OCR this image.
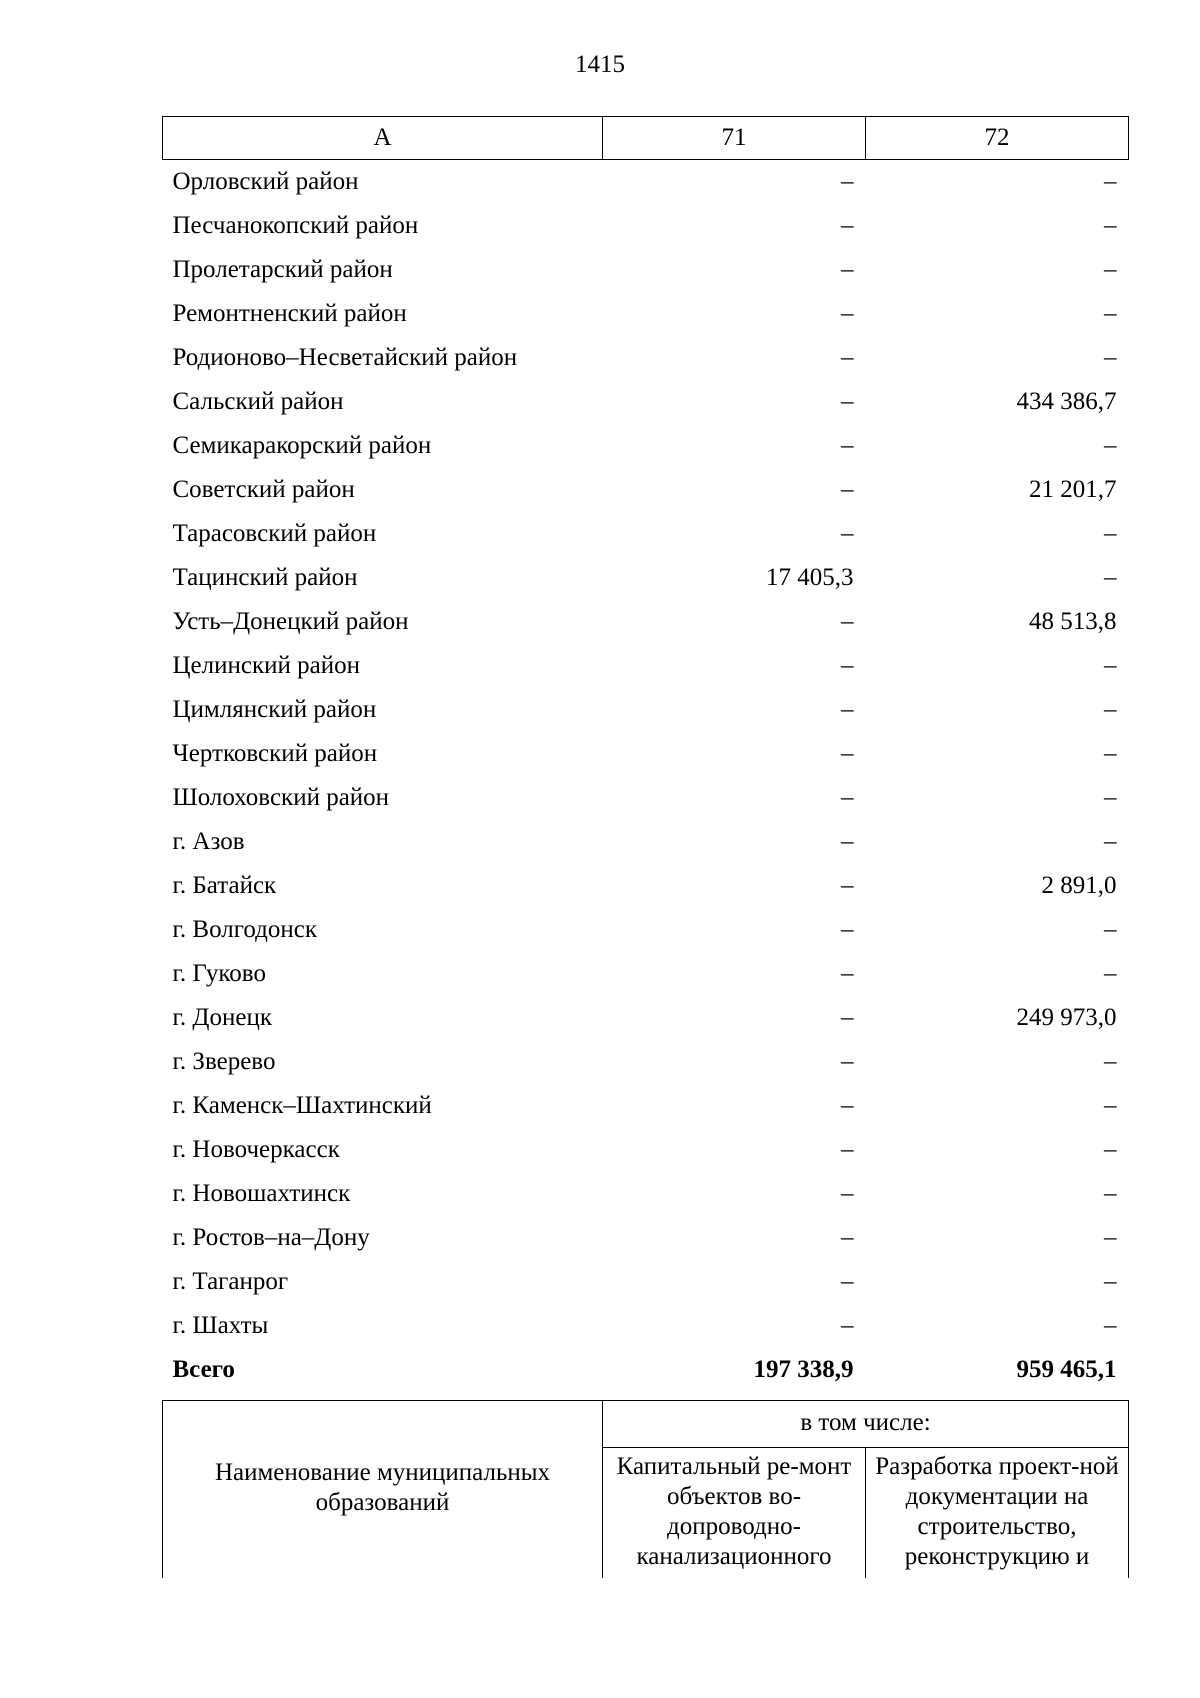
1415
А	71	72
Орловский район	–	–
Песчанокопский район	–	–
Пролетарский район	–	–
Ремонтненский район	–	–
Родионово–Несветайский район	–	–
Сальский район	–	434 386,7
Семикаракорский район	–	–
Советский район	–	21 201,7
Тарасовский район	–	–
Тацинский район	17 405,3	–
Усть–Донецкий район	–	48 513,8
Целинский район	–	–
Цимлянский район	–	–
Чертковский район	–	–
Шолоховский район	–	–
г. Азов	–	–
г. Батайск	–	2 891,0
г. Волгодонск	–	–
г. Гуково	–	–
г. Донецк	–	249 973,0
г. Зверево	–	–
г. Каменск–Шахтинский	–	–
г. Новочеркасск	–	–
г. Новошахтинск	–	–
г. Ростов–на–Дону	–	–
г. Таганрог	–	–
г. Шахты	–	–
Всего	197 338,9	959 465,1
Наименование муниципальных образований	в том числе:	
	Капитальный ре-монт объектов во-допроводно-канализационного	Разработка проект-ной документации на строительство, реконструкцию и
